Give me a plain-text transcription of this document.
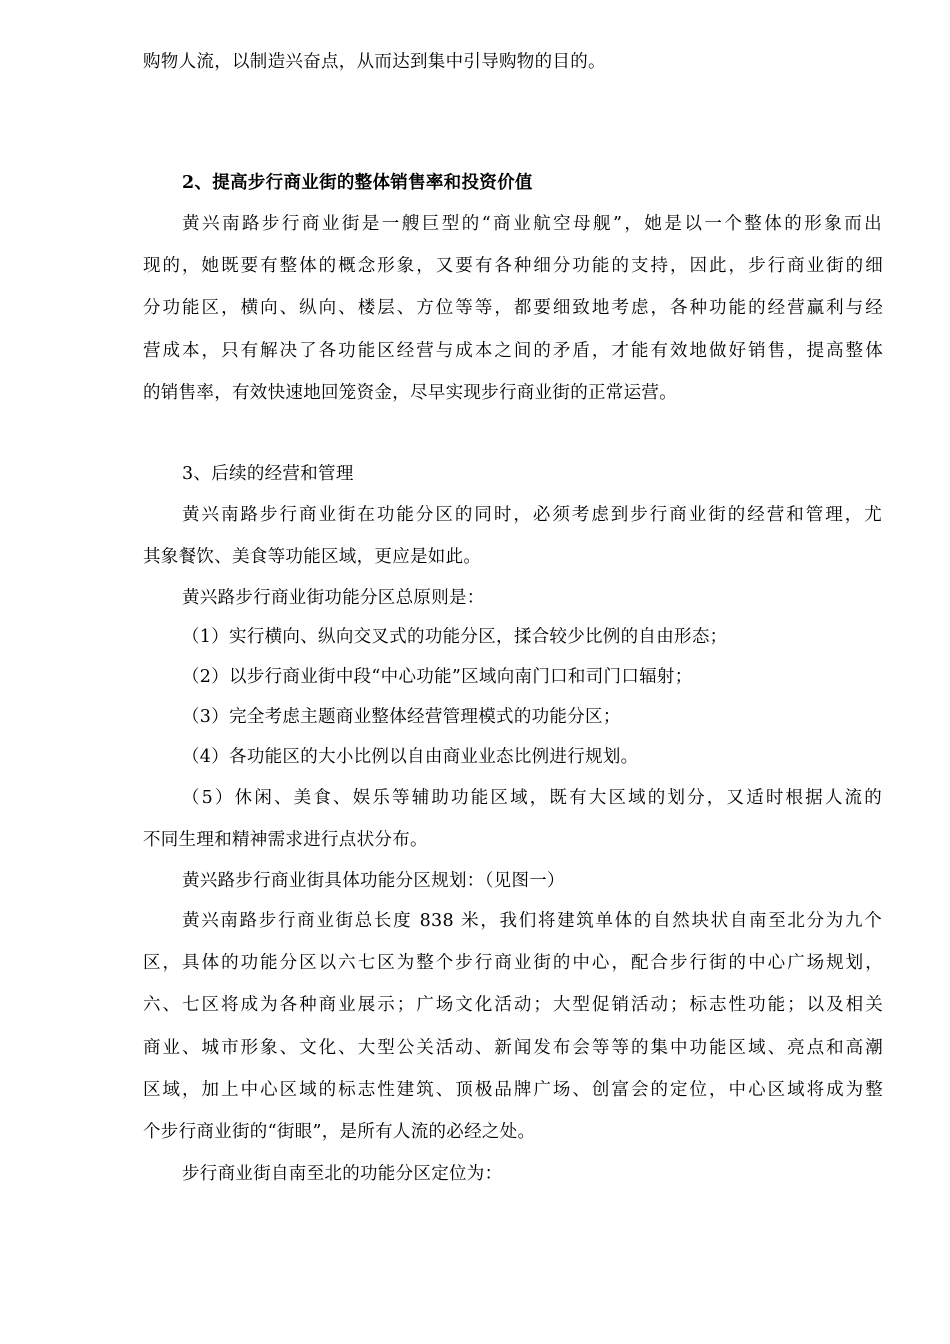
购物人流，以制造兴奋点，从而达到集中引导购物的目的。
2、提高步行商业街的整体销售率和投资价值
黄兴南路步行商业街是一艘巨型的“商业航空母舰”，她是以一个整体的形象而出
现的，她既要有整体的概念形象，又要有各种细分功能的支持，因此，步行商业街的细
分功能区，横向、纵向、楼层、方位等等，都要细致地考虑，各种功能的经营赢利与经
营成本，只有解决了各功能区经营与成本之间的矛盾，才能有效地做好销售，提高整体
的销售率，有效快速地回笼资金，尽早实现步行商业街的正常运营。
3、后续的经营和管理
黄兴南路步行商业街在功能分区的同时，必须考虑到步行商业街的经营和管理，尤
其象餐饮、美食等功能区域，更应是如此。
黄兴路步行商业街功能分区总原则是：
（1）实行横向、纵向交叉式的功能分区，揉合较少比例的自由形态；
（2）以步行商业街中段“中心功能”区域向南门口和司门口辐射；
（3）完全考虑主题商业整体经营管理模式的功能分区；
（4）各功能区的大小比例以自由商业业态比例进行规划。
（5）休闲、美食、娱乐等辅助功能区域，既有大区域的划分，又适时根据人流的
不同生理和精神需求进行点状分布。
黄兴路步行商业街具体功能分区规划：（见图一）
黄兴南路步行商业街总长度 838 米，我们将建筑单体的自然块状自南至北分为九个
区，具体的功能分区以六七区为整个步行商业街的中心，配合步行街的中心广场规划，
六、七区将成为各种商业展示；广场文化活动；大型促销活动；标志性功能；以及相关
商业、城市形象、文化、大型公关活动、新闻发布会等等的集中功能区域、亮点和高潮
区域，加上中心区域的标志性建筑、顶极品牌广场、创富会的定位，中心区域将成为整
个步行商业街的“街眼”，是所有人流的必经之处。
步行商业街自南至北的功能分区定位为：
